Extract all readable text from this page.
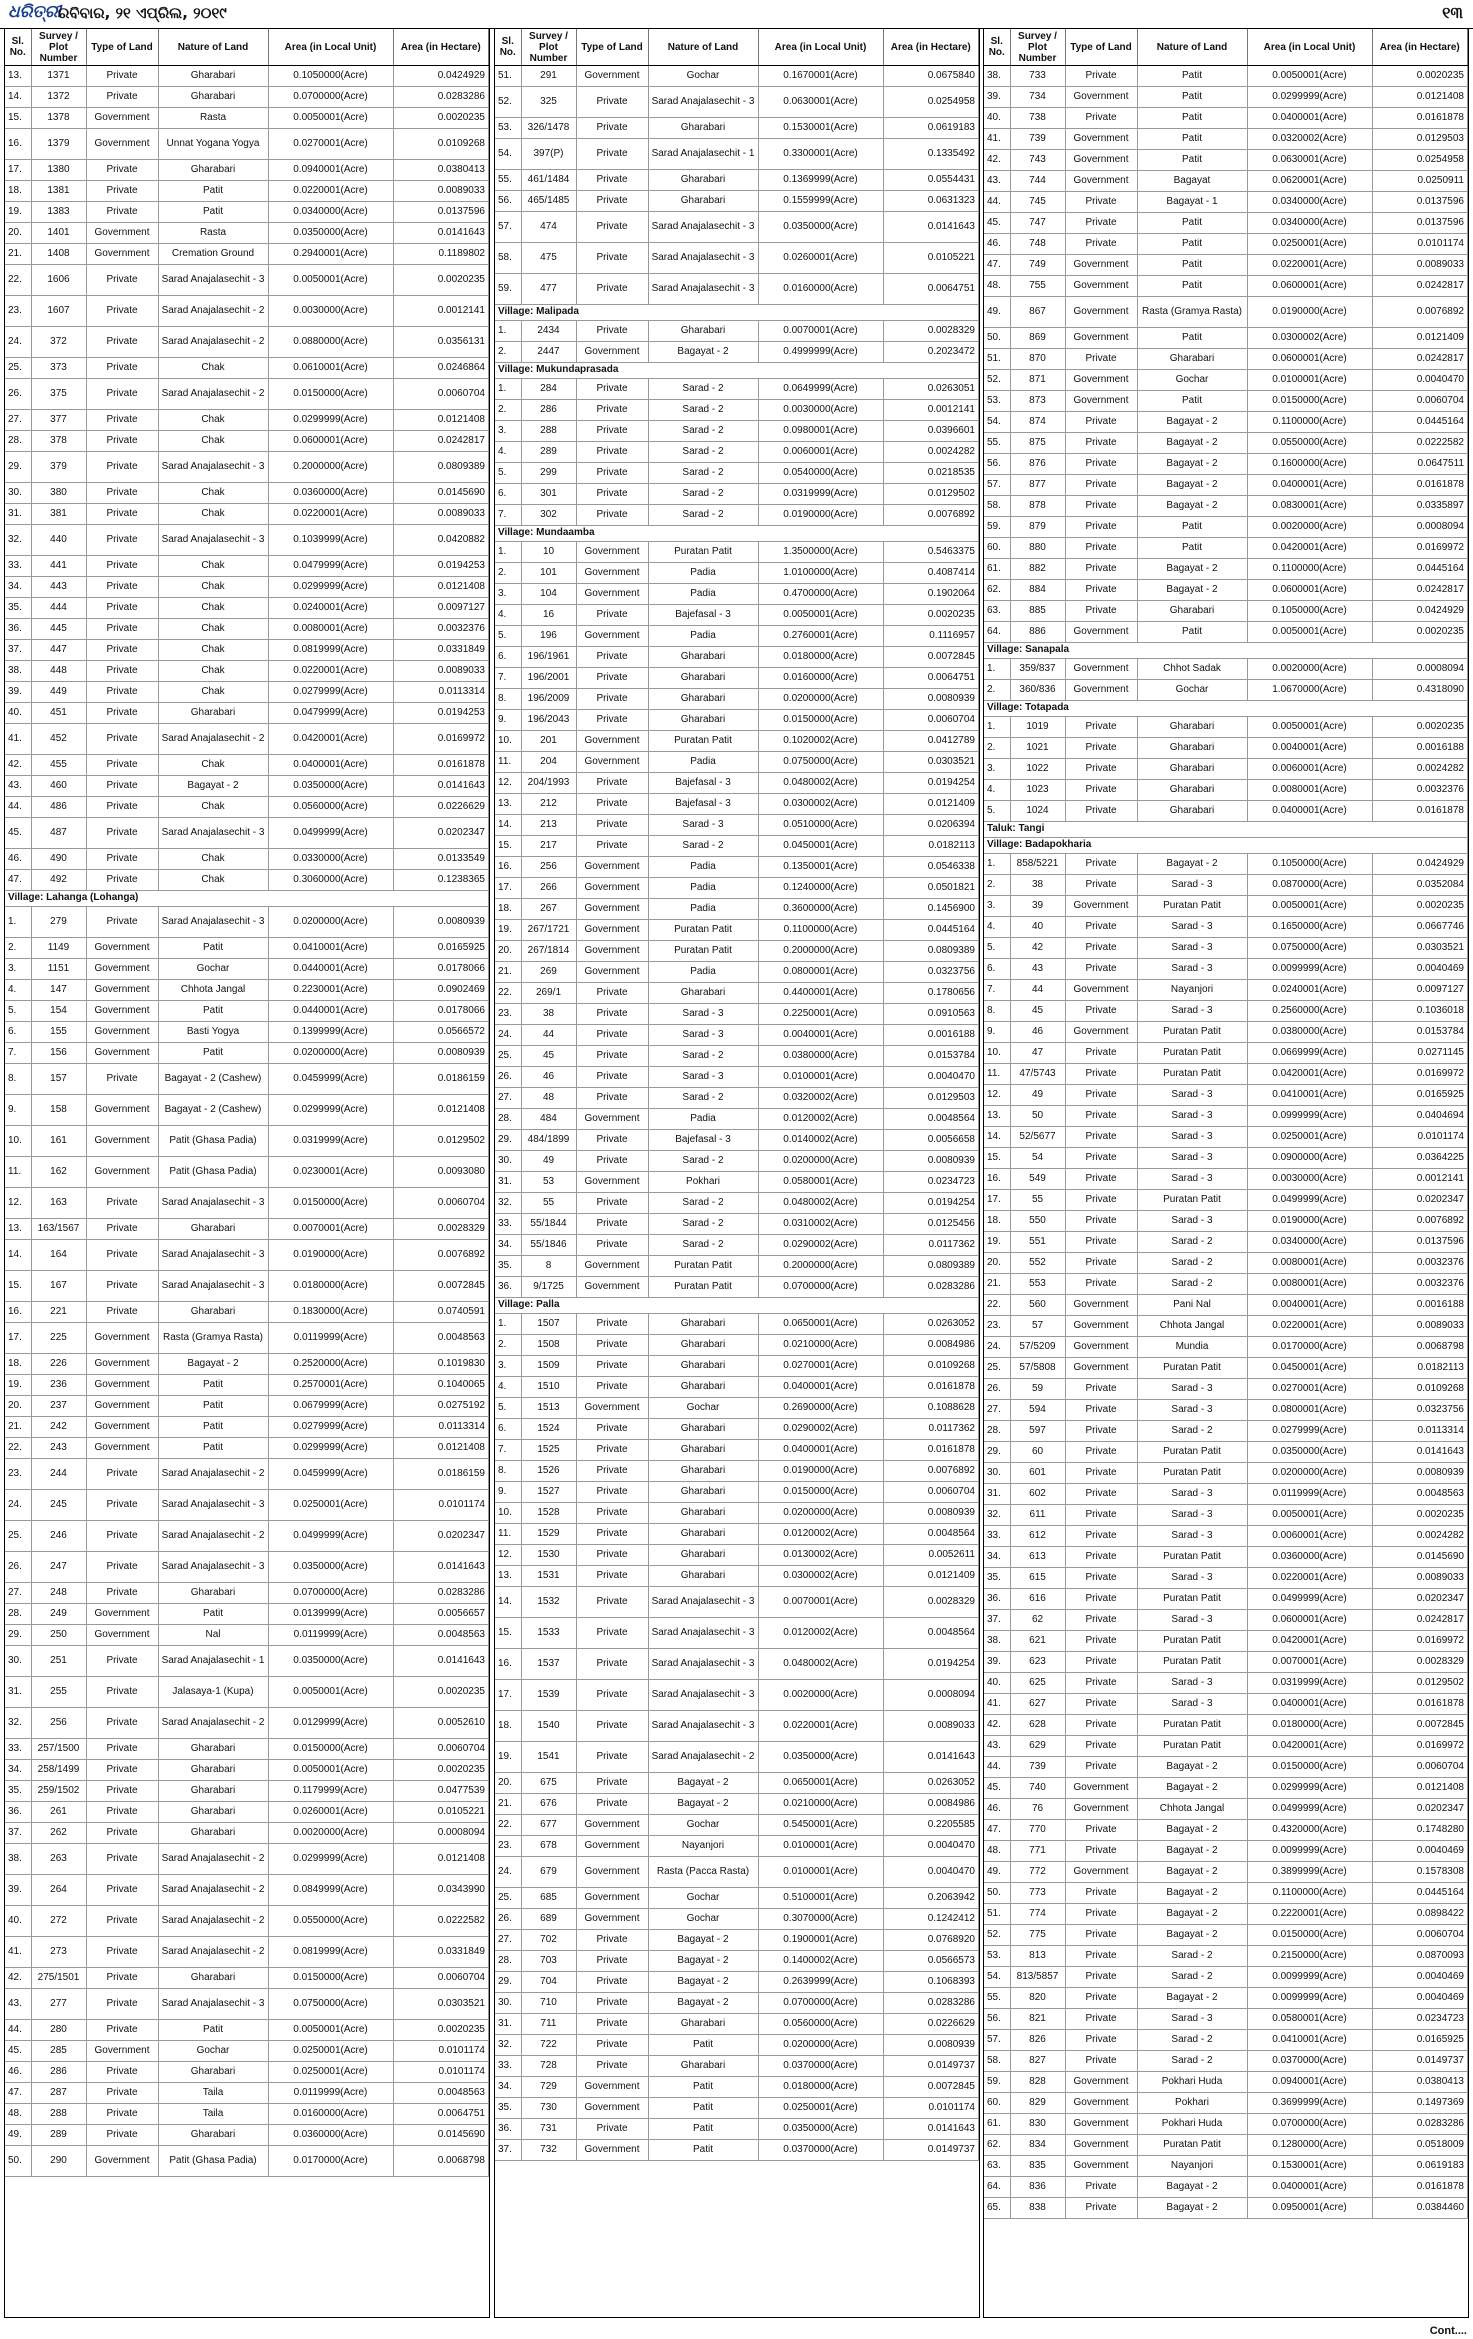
ଧରିତ୍ରୀ
ରବିବାର, ୨୧ ଏପ୍ରିଲ, ୨୦୧୯	୧୩
Sl. No.	Survey / Plot Number	Type of Land	Nature of Land	Area (in Local Unit)	Area (in Hectare)
13.	1371	Private	Gharabari	0.1050000(Acre)	0.0424929
14.	1372	Private	Gharabari	0.0700000(Acre)	0.0283286
15.	1378	Government	Rasta	0.0050001(Acre)	0.0020235
16.	1379	Government	Unnat Yogana Yogya	0.0270001(Acre)	0.0109268
17.	1380	Private	Gharabari	0.0940001(Acre)	0.0380413
18.	1381	Private	Patit	0.0220001(Acre)	0.0089033
19.	1383	Private	Patit	0.0340000(Acre)	0.0137596
20.	1401	Government	Rasta	0.0350000(Acre)	0.0141643
21.	1408	Government	Cremation Ground	0.2940001(Acre)	0.1189802
22.	1606	Private	Sarad Anajalasechit - 3	0.0050001(Acre)	0.0020235
23.	1607	Private	Sarad Anajalasechit - 2	0.0030000(Acre)	0.0012141
24.	372	Private	Sarad Anajalasechit - 2	0.0880000(Acre)	0.0356131
25.	373	Private	Chak	0.0610001(Acre)	0.0246864
26.	375	Private	Sarad Anajalasechit - 2	0.0150000(Acre)	0.0060704
27.	377	Private	Chak	0.0299999(Acre)	0.0121408
28.	378	Private	Chak	0.0600001(Acre)	0.0242817
29.	379	Private	Sarad Anajalasechit - 3	0.2000000(Acre)	0.0809389
30.	380	Private	Chak	0.0360000(Acre)	0.0145690
31.	381	Private	Chak	0.0220001(Acre)	0.0089033
32.	440	Private	Sarad Anajalasechit - 3	0.1039999(Acre)	0.0420882
33.	441	Private	Chak	0.0479999(Acre)	0.0194253
34.	443	Private	Chak	0.0299999(Acre)	0.0121408
35.	444	Private	Chak	0.0240001(Acre)	0.0097127
36.	445	Private	Chak	0.0080001(Acre)	0.0032376
37.	447	Private	Chak	0.0819999(Acre)	0.0331849
38.	448	Private	Chak	0.0220001(Acre)	0.0089033
39.	449	Private	Chak	0.0279999(Acre)	0.0113314
40.	451	Private	Gharabari	0.0479999(Acre)	0.0194253
41.	452	Private	Sarad Anajalasechit - 2	0.0420001(Acre)	0.0169972
42.	455	Private	Chak	0.0400001(Acre)	0.0161878
43.	460	Private	Bagayat - 2	0.0350000(Acre)	0.0141643
44.	486	Private	Chak	0.0560000(Acre)	0.0226629
45.	487	Private	Sarad Anajalasechit - 3	0.0499999(Acre)	0.0202347
46.	490	Private	Chak	0.0330000(Acre)	0.0133549
47.	492	Private	Chak	0.3060000(Acre)	0.1238365
Village: Lahanga (Lohanga)					
1.	279	Private	Sarad Anajalasechit - 3	0.0200000(Acre)	0.0080939
2.	1149	Government	Patit	0.0410001(Acre)	0.0165925
3.	1151	Government	Gochar	0.0440001(Acre)	0.0178066
4.	147	Government	Chhota Jangal	0.2230001(Acre)	0.0902469
5.	154	Government	Patit	0.0440001(Acre)	0.0178066
6.	155	Government	Basti Yogya	0.1399999(Acre)	0.0566572
7.	156	Government	Patit	0.0200000(Acre)	0.0080939
8.	157	Private	Bagayat - 2 (Cashew)	0.0459999(Acre)	0.0186159
9.	158	Government	Bagayat - 2 (Cashew)	0.0299999(Acre)	0.0121408
10.	161	Government	Patit (Ghasa Padia)	0.0319999(Acre)	0.0129502
11.	162	Government	Patit (Ghasa Padia)	0.0230001(Acre)	0.0093080
12.	163	Private	Sarad Anajalasechit - 3	0.0150000(Acre)	0.0060704
13.	163/1567	Private	Gharabari	0.0070001(Acre)	0.0028329
14.	164	Private	Sarad Anajalasechit - 3	0.0190000(Acre)	0.0076892
15.	167	Private	Sarad Anajalasechit - 3	0.0180000(Acre)	0.0072845
16.	221	Private	Gharabari	0.1830000(Acre)	0.0740591
17.	225	Government	Rasta (Gramya Rasta)	0.0119999(Acre)	0.0048563
18.	226	Government	Bagayat - 2	0.2520000(Acre)	0.1019830
19.	236	Government	Patit	0.2570001(Acre)	0.1040065
20.	237	Government	Patit	0.0679999(Acre)	0.0275192
21.	242	Government	Patit	0.0279999(Acre)	0.0113314
22.	243	Government	Patit	0.0299999(Acre)	0.0121408
23.	244	Private	Sarad Anajalasechit - 2	0.0459999(Acre)	0.0186159
24.	245	Private	Sarad Anajalasechit - 3	0.0250001(Acre)	0.0101174
25.	246	Private	Sarad Anajalasechit - 2	0.0499999(Acre)	0.0202347
26.	247	Private	Sarad Anajalasechit - 3	0.0350000(Acre)	0.0141643
27.	248	Private	Gharabari	0.0700000(Acre)	0.0283286
28.	249	Government	Patit	0.0139999(Acre)	0.0056657
29.	250	Government	Nal	0.0119999(Acre)	0.0048563
30.	251	Private	Sarad Anajalasechit - 1	0.0350000(Acre)	0.0141643
31.	255	Private	Jalasaya-1 (Kupa)	0.0050001(Acre)	0.0020235
32.	256	Private	Sarad Anajalasechit - 2	0.0129999(Acre)	0.0052610
33.	257/1500	Private	Gharabari	0.0150000(Acre)	0.0060704
34.	258/1499	Private	Gharabari	0.0050001(Acre)	0.0020235
35.	259/1502	Private	Gharabari	0.1179999(Acre)	0.0477539
36.	261	Private	Gharabari	0.0260001(Acre)	0.0105221
37.	262	Private	Gharabari	0.0020000(Acre)	0.0008094
38.	263	Private	Sarad Anajalasechit - 2	0.0299999(Acre)	0.0121408
39.	264	Private	Sarad Anajalasechit - 2	0.0849999(Acre)	0.0343990
40.	272	Private	Sarad Anajalasechit - 2	0.0550000(Acre)	0.0222582
41.	273	Private	Sarad Anajalasechit - 2	0.0819999(Acre)	0.0331849
42.	275/1501	Private	Gharabari	0.0150000(Acre)	0.0060704
43.	277	Private	Sarad Anajalasechit - 3	0.0750000(Acre)	0.0303521
44.	280	Private	Patit	0.0050001(Acre)	0.0020235
45.	285	Government	Gochar	0.0250001(Acre)	0.0101174
46.	286	Private	Gharabari	0.0250001(Acre)	0.0101174
47.	287	Private	Taila	0.0119999(Acre)	0.0048563
48.	288	Private	Taila	0.0160000(Acre)	0.0064751
49.	289	Private	Gharabari	0.0360000(Acre)	0.0145690
50.	290	Government	Patit (Ghasa Padia)	0.0170000(Acre)	0.0068798
Sl. No.	Survey / Plot Number	Type of Land	Nature of Land	Area (in Local Unit)	Area (in Hectare)
51.	291	Government	Gochar	0.1670001(Acre)	0.0675840
52.	325	Private	Sarad Anajalasechit - 3	0.0630001(Acre)	0.0254958
53.	326/1478	Private	Gharabari	0.1530001(Acre)	0.0619183
54.	397(P)	Private	Sarad Anajalasechit - 1	0.3300001(Acre)	0.1335492
55.	461/1484	Private	Gharabari	0.1369999(Acre)	0.0554431
56.	465/1485	Private	Gharabari	0.1559999(Acre)	0.0631323
57.	474	Private	Sarad Anajalasechit - 3	0.0350000(Acre)	0.0141643
58.	475	Private	Sarad Anajalasechit - 3	0.0260001(Acre)	0.0105221
59.	477	Private	Sarad Anajalasechit - 3	0.0160000(Acre)	0.0064751
Village: Malipada					
1.	2434	Private	Gharabari	0.0070001(Acre)	0.0028329
2.	2447	Government	Bagayat - 2	0.4999999(Acre)	0.2023472
Village: Mukundaprasada					
1.	284	Private	Sarad - 2	0.0649999(Acre)	0.0263051
2.	286	Private	Sarad - 2	0.0030000(Acre)	0.0012141
3.	288	Private	Sarad - 2	0.0980001(Acre)	0.0396601
4.	289	Private	Sarad - 2	0.0060001(Acre)	0.0024282
5.	299	Private	Sarad - 2	0.0540000(Acre)	0.0218535
6.	301	Private	Sarad - 2	0.0319999(Acre)	0.0129502
7.	302	Private	Sarad - 2	0.0190000(Acre)	0.0076892
Village: Mundaamba					
1.	10	Government	Puratan Patit	1.3500000(Acre)	0.5463375
2.	101	Government	Padia	1.0100000(Acre)	0.4087414
3.	104	Government	Padia	0.4700000(Acre)	0.1902064
4.	16	Private	Bajefasal - 3	0.0050001(Acre)	0.0020235
5.	196	Government	Padia	0.2760001(Acre)	0.1116957
6.	196/1961	Private	Gharabari	0.0180000(Acre)	0.0072845
7.	196/2001	Private	Gharabari	0.0160000(Acre)	0.0064751
8.	196/2009	Private	Gharabari	0.0200000(Acre)	0.0080939
9.	196/2043	Private	Gharabari	0.0150000(Acre)	0.0060704
10.	201	Government	Puratan Patit	0.1020002(Acre)	0.0412789
11.	204	Government	Padia	0.0750000(Acre)	0.0303521
12.	204/1993	Private	Bajefasal - 3	0.0480002(Acre)	0.0194254
13.	212	Private	Bajefasal - 3	0.0300002(Acre)	0.0121409
14.	213	Private	Sarad - 3	0.0510000(Acre)	0.0206394
15.	217	Private	Sarad - 2	0.0450001(Acre)	0.0182113
16.	256	Government	Padia	0.1350001(Acre)	0.0546338
17.	266	Government	Padia	0.1240000(Acre)	0.0501821
18.	267	Government	Padia	0.3600000(Acre)	0.1456900
19.	267/1721	Government	Puratan Patit	0.1100000(Acre)	0.0445164
20.	267/1814	Government	Puratan Patit	0.2000000(Acre)	0.0809389
21.	269	Government	Padia	0.0800001(Acre)	0.0323756
22.	269/1	Private	Gharabari	0.4400001(Acre)	0.1780656
23.	38	Private	Sarad - 3	0.2250001(Acre)	0.0910563
24.	44	Private	Sarad - 3	0.0040001(Acre)	0.0016188
25.	45	Private	Sarad - 2	0.0380000(Acre)	0.0153784
26.	46	Private	Sarad - 3	0.0100001(Acre)	0.0040470
27.	48	Private	Sarad - 2	0.0320002(Acre)	0.0129503
28.	484	Government	Padia	0.0120002(Acre)	0.0048564
29.	484/1899	Private	Bajefasal - 3	0.0140002(Acre)	0.0056658
30.	49	Private	Sarad - 2	0.0200000(Acre)	0.0080939
31.	53	Government	Pokhari	0.0580001(Acre)	0.0234723
32.	55	Private	Sarad - 2	0.0480002(Acre)	0.0194254
33.	55/1844	Private	Sarad - 2	0.0310002(Acre)	0.0125456
34.	55/1846	Private	Sarad - 2	0.0290002(Acre)	0.0117362
35.	8	Government	Puratan Patit	0.2000000(Acre)	0.0809389
36.	9/1725	Government	Puratan Patit	0.0700000(Acre)	0.0283286
Village: Palla					
1.	1507	Private	Gharabari	0.0650001(Acre)	0.0263052
2.	1508	Private	Gharabari	0.0210000(Acre)	0.0084986
3.	1509	Private	Gharabari	0.0270001(Acre)	0.0109268
4.	1510	Private	Gharabari	0.0400001(Acre)	0.0161878
5.	1513	Government	Gochar	0.2690000(Acre)	0.1088628
6.	1524	Private	Gharabari	0.0290002(Acre)	0.0117362
7.	1525	Private	Gharabari	0.0400001(Acre)	0.0161878
8.	1526	Private	Gharabari	0.0190000(Acre)	0.0076892
9.	1527	Private	Gharabari	0.0150000(Acre)	0.0060704
10.	1528	Private	Gharabari	0.0200000(Acre)	0.0080939
11.	1529	Private	Gharabari	0.0120002(Acre)	0.0048564
12.	1530	Private	Gharabari	0.0130002(Acre)	0.0052611
13.	1531	Private	Gharabari	0.0300002(Acre)	0.0121409
14.	1532	Private	Sarad Anajalasechit - 3	0.0070001(Acre)	0.0028329
15.	1533	Private	Sarad Anajalasechit - 3	0.0120002(Acre)	0.0048564
16.	1537	Private	Sarad Anajalasechit - 3	0.0480002(Acre)	0.0194254
17.	1539	Private	Sarad Anajalasechit - 3	0.0020000(Acre)	0.0008094
18.	1540	Private	Sarad Anajalasechit - 3	0.0220001(Acre)	0.0089033
19.	1541	Private	Sarad Anajalasechit - 2	0.0350000(Acre)	0.0141643
20.	675	Private	Bagayat - 2	0.0650001(Acre)	0.0263052
21.	676	Private	Bagayat - 2	0.0210000(Acre)	0.0084986
22.	677	Government	Gochar	0.5450001(Acre)	0.2205585
23.	678	Government	Nayanjori	0.0100001(Acre)	0.0040470
24.	679	Government	Rasta (Pacca Rasta)	0.0100001(Acre)	0.0040470
25.	685	Government	Gochar	0.5100001(Acre)	0.2063942
26.	689	Government	Gochar	0.3070000(Acre)	0.1242412
27.	702	Private	Bagayat - 2	0.1900001(Acre)	0.0768920
28.	703	Private	Bagayat - 2	0.1400002(Acre)	0.0566573
29.	704	Private	Bagayat - 2	0.2639999(Acre)	0.1068393
30.	710	Private	Bagayat - 2	0.0700000(Acre)	0.0283286
31.	711	Private	Gharabari	0.0560000(Acre)	0.0226629
32.	722	Private	Patit	0.0200000(Acre)	0.0080939
33.	728	Private	Gharabari	0.0370000(Acre)	0.0149737
34.	729	Government	Patit	0.0180000(Acre)	0.0072845
35.	730	Government	Patit	0.0250001(Acre)	0.0101174
36.	731	Private	Patit	0.0350000(Acre)	0.0141643
37.	732	Government	Patit	0.0370000(Acre)	0.0149737
Sl. No.	Survey / Plot Number	Type of Land	Nature of Land	Area (in Local Unit)	Area (in Hectare)
38.	733	Private	Patit	0.0050001(Acre)	0.0020235
39.	734	Government	Patit	0.0299999(Acre)	0.0121408
40.	738	Private	Patit	0.0400001(Acre)	0.0161878
41.	739	Government	Patit	0.0320002(Acre)	0.0129503
42.	743	Government	Patit	0.0630001(Acre)	0.0254958
43.	744	Government	Bagayat	0.0620001(Acre)	0.0250911
44.	745	Private	Bagayat - 1	0.0340000(Acre)	0.0137596
45.	747	Private	Patit	0.0340000(Acre)	0.0137596
46.	748	Private	Patit	0.0250001(Acre)	0.0101174
47.	749	Government	Patit	0.0220001(Acre)	0.0089033
48.	755	Government	Patit	0.0600001(Acre)	0.0242817
49.	867	Government	Rasta (Gramya Rasta)	0.0190000(Acre)	0.0076892
50.	869	Government	Patit	0.0300002(Acre)	0.0121409
51.	870	Private	Gharabari	0.0600001(Acre)	0.0242817
52.	871	Government	Gochar	0.0100001(Acre)	0.0040470
53.	873	Government	Patit	0.0150000(Acre)	0.0060704
54.	874	Private	Bagayat - 2	0.1100000(Acre)	0.0445164
55.	875	Private	Bagayat - 2	0.0550000(Acre)	0.0222582
56.	876	Private	Bagayat - 2	0.1600000(Acre)	0.0647511
57.	877	Private	Bagayat - 2	0.0400001(Acre)	0.0161878
58.	878	Private	Bagayat - 2	0.0830001(Acre)	0.0335897
59.	879	Private	Patit	0.0020000(Acre)	0.0008094
60.	880	Private	Patit	0.0420001(Acre)	0.0169972
61.	882	Private	Bagayat - 2	0.1100000(Acre)	0.0445164
62.	884	Private	Bagayat - 2	0.0600001(Acre)	0.0242817
63.	885	Private	Gharabari	0.1050000(Acre)	0.0424929
64.	886	Government	Patit	0.0050001(Acre)	0.0020235
Village: Sanapala					
1.	359/837	Government	Chhot Sadak	0.0020000(Acre)	0.0008094
2.	360/836	Government	Gochar	1.0670000(Acre)	0.4318090
Village: Totapada					
1.	1019	Private	Gharabari	0.0050001(Acre)	0.0020235
2.	1021	Private	Gharabari	0.0040001(Acre)	0.0016188
3.	1022	Private	Gharabari	0.0060001(Acre)	0.0024282
4.	1023	Private	Gharabari	0.0080001(Acre)	0.0032376
5.	1024	Private	Gharabari	0.0400001(Acre)	0.0161878
Taluk: Tangi					
Village: Badapokharia					
1.	858/5221	Private	Bagayat - 2	0.1050000(Acre)	0.0424929
2.	38	Private	Sarad - 3	0.0870000(Acre)	0.0352084
3.	39	Government	Puratan Patit	0.0050001(Acre)	0.0020235
4.	40	Private	Sarad - 3	0.1650000(Acre)	0.0667746
5.	42	Private	Sarad - 3	0.0750000(Acre)	0.0303521
6.	43	Private	Sarad - 3	0.0099999(Acre)	0.0040469
7.	44	Government	Nayanjori	0.0240001(Acre)	0.0097127
8.	45	Private	Sarad - 3	0.2560000(Acre)	0.1036018
9.	46	Government	Puratan Patit	0.0380000(Acre)	0.0153784
10.	47	Private	Puratan Patit	0.0669999(Acre)	0.0271145
11.	47/5743	Private	Puratan Patit	0.0420001(Acre)	0.0169972
12.	49	Private	Sarad - 3	0.0410001(Acre)	0.0165925
13.	50	Private	Sarad - 3	0.0999999(Acre)	0.0404694
14.	52/5677	Private	Sarad - 3	0.0250001(Acre)	0.0101174
15.	54	Private	Sarad - 3	0.0900000(Acre)	0.0364225
16.	549	Private	Sarad - 3	0.0030000(Acre)	0.0012141
17.	55	Private	Puratan Patit	0.0499999(Acre)	0.0202347
18.	550	Private	Sarad - 3	0.0190000(Acre)	0.0076892
19.	551	Private	Sarad - 2	0.0340000(Acre)	0.0137596
20.	552	Private	Sarad - 2	0.0080001(Acre)	0.0032376
21.	553	Private	Sarad - 2	0.0080001(Acre)	0.0032376
22.	560	Government	Pani Nal	0.0040001(Acre)	0.0016188
23.	57	Government	Chhota Jangal	0.0220001(Acre)	0.0089033
24.	57/5209	Government	Mundia	0.0170000(Acre)	0.0068798
25.	57/5808	Government	Puratan Patit	0.0450001(Acre)	0.0182113
26.	59	Private	Sarad - 3	0.0270001(Acre)	0.0109268
27.	594	Private	Sarad - 3	0.0800001(Acre)	0.0323756
28.	597	Private	Sarad - 2	0.0279999(Acre)	0.0113314
29.	60	Private	Puratan Patit	0.0350000(Acre)	0.0141643
30.	601	Private	Puratan Patit	0.0200000(Acre)	0.0080939
31.	602	Private	Sarad - 3	0.0119999(Acre)	0.0048563
32.	611	Private	Sarad - 3	0.0050001(Acre)	0.0020235
33.	612	Private	Sarad - 3	0.0060001(Acre)	0.0024282
34.	613	Private	Puratan Patit	0.0360000(Acre)	0.0145690
35.	615	Private	Sarad - 3	0.0220001(Acre)	0.0089033
36.	616	Private	Puratan Patit	0.0499999(Acre)	0.0202347
37.	62	Private	Sarad - 3	0.0600001(Acre)	0.0242817
38.	621	Private	Puratan Patit	0.0420001(Acre)	0.0169972
39.	623	Private	Puratan Patit	0.0070001(Acre)	0.0028329
40.	625	Private	Sarad - 3	0.0319999(Acre)	0.0129502
41.	627	Private	Sarad - 3	0.0400001(Acre)	0.0161878
42.	628	Private	Puratan Patit	0.0180000(Acre)	0.0072845
43.	629	Private	Puratan Patit	0.0420001(Acre)	0.0169972
44.	739	Private	Bagayat - 2	0.0150000(Acre)	0.0060704
45.	740	Government	Bagayat - 2	0.0299999(Acre)	0.0121408
46.	76	Government	Chhota Jangal	0.0499999(Acre)	0.0202347
47.	770	Private	Bagayat - 2	0.4320000(Acre)	0.1748280
48.	771	Private	Bagayat - 2	0.0099999(Acre)	0.0040469
49.	772	Government	Bagayat - 2	0.3899999(Acre)	0.1578308
50.	773	Private	Bagayat - 2	0.1100000(Acre)	0.0445164
51.	774	Private	Bagayat - 2	0.2220001(Acre)	0.0898422
52.	775	Private	Bagayat - 2	0.0150000(Acre)	0.0060704
53.	813	Private	Sarad - 2	0.2150000(Acre)	0.0870093
54.	813/5857	Private	Sarad - 2	0.0099999(Acre)	0.0040469
55.	820	Private	Bagayat - 2	0.0099999(Acre)	0.0040469
56.	821	Private	Sarad - 3	0.0580001(Acre)	0.0234723
57.	826	Private	Sarad - 2	0.0410001(Acre)	0.0165925
58.	827	Private	Sarad - 2	0.0370000(Acre)	0.0149737
59.	828	Government	Pokhari Huda	0.0940001(Acre)	0.0380413
60.	829	Government	Pokhari	0.3699999(Acre)	0.1497369
61.	830	Government	Pokhari Huda	0.0700000(Acre)	0.0283286
62.	834	Government	Puratan Patit	0.1280000(Acre)	0.0518009
63.	835	Government	Nayanjori	0.1530001(Acre)	0.0619183
64.	836	Private	Bagayat - 2	0.0400001(Acre)	0.0161878
65.	838	Private	Bagayat - 2	0.0950001(Acre)	0.0384460
Cont....
